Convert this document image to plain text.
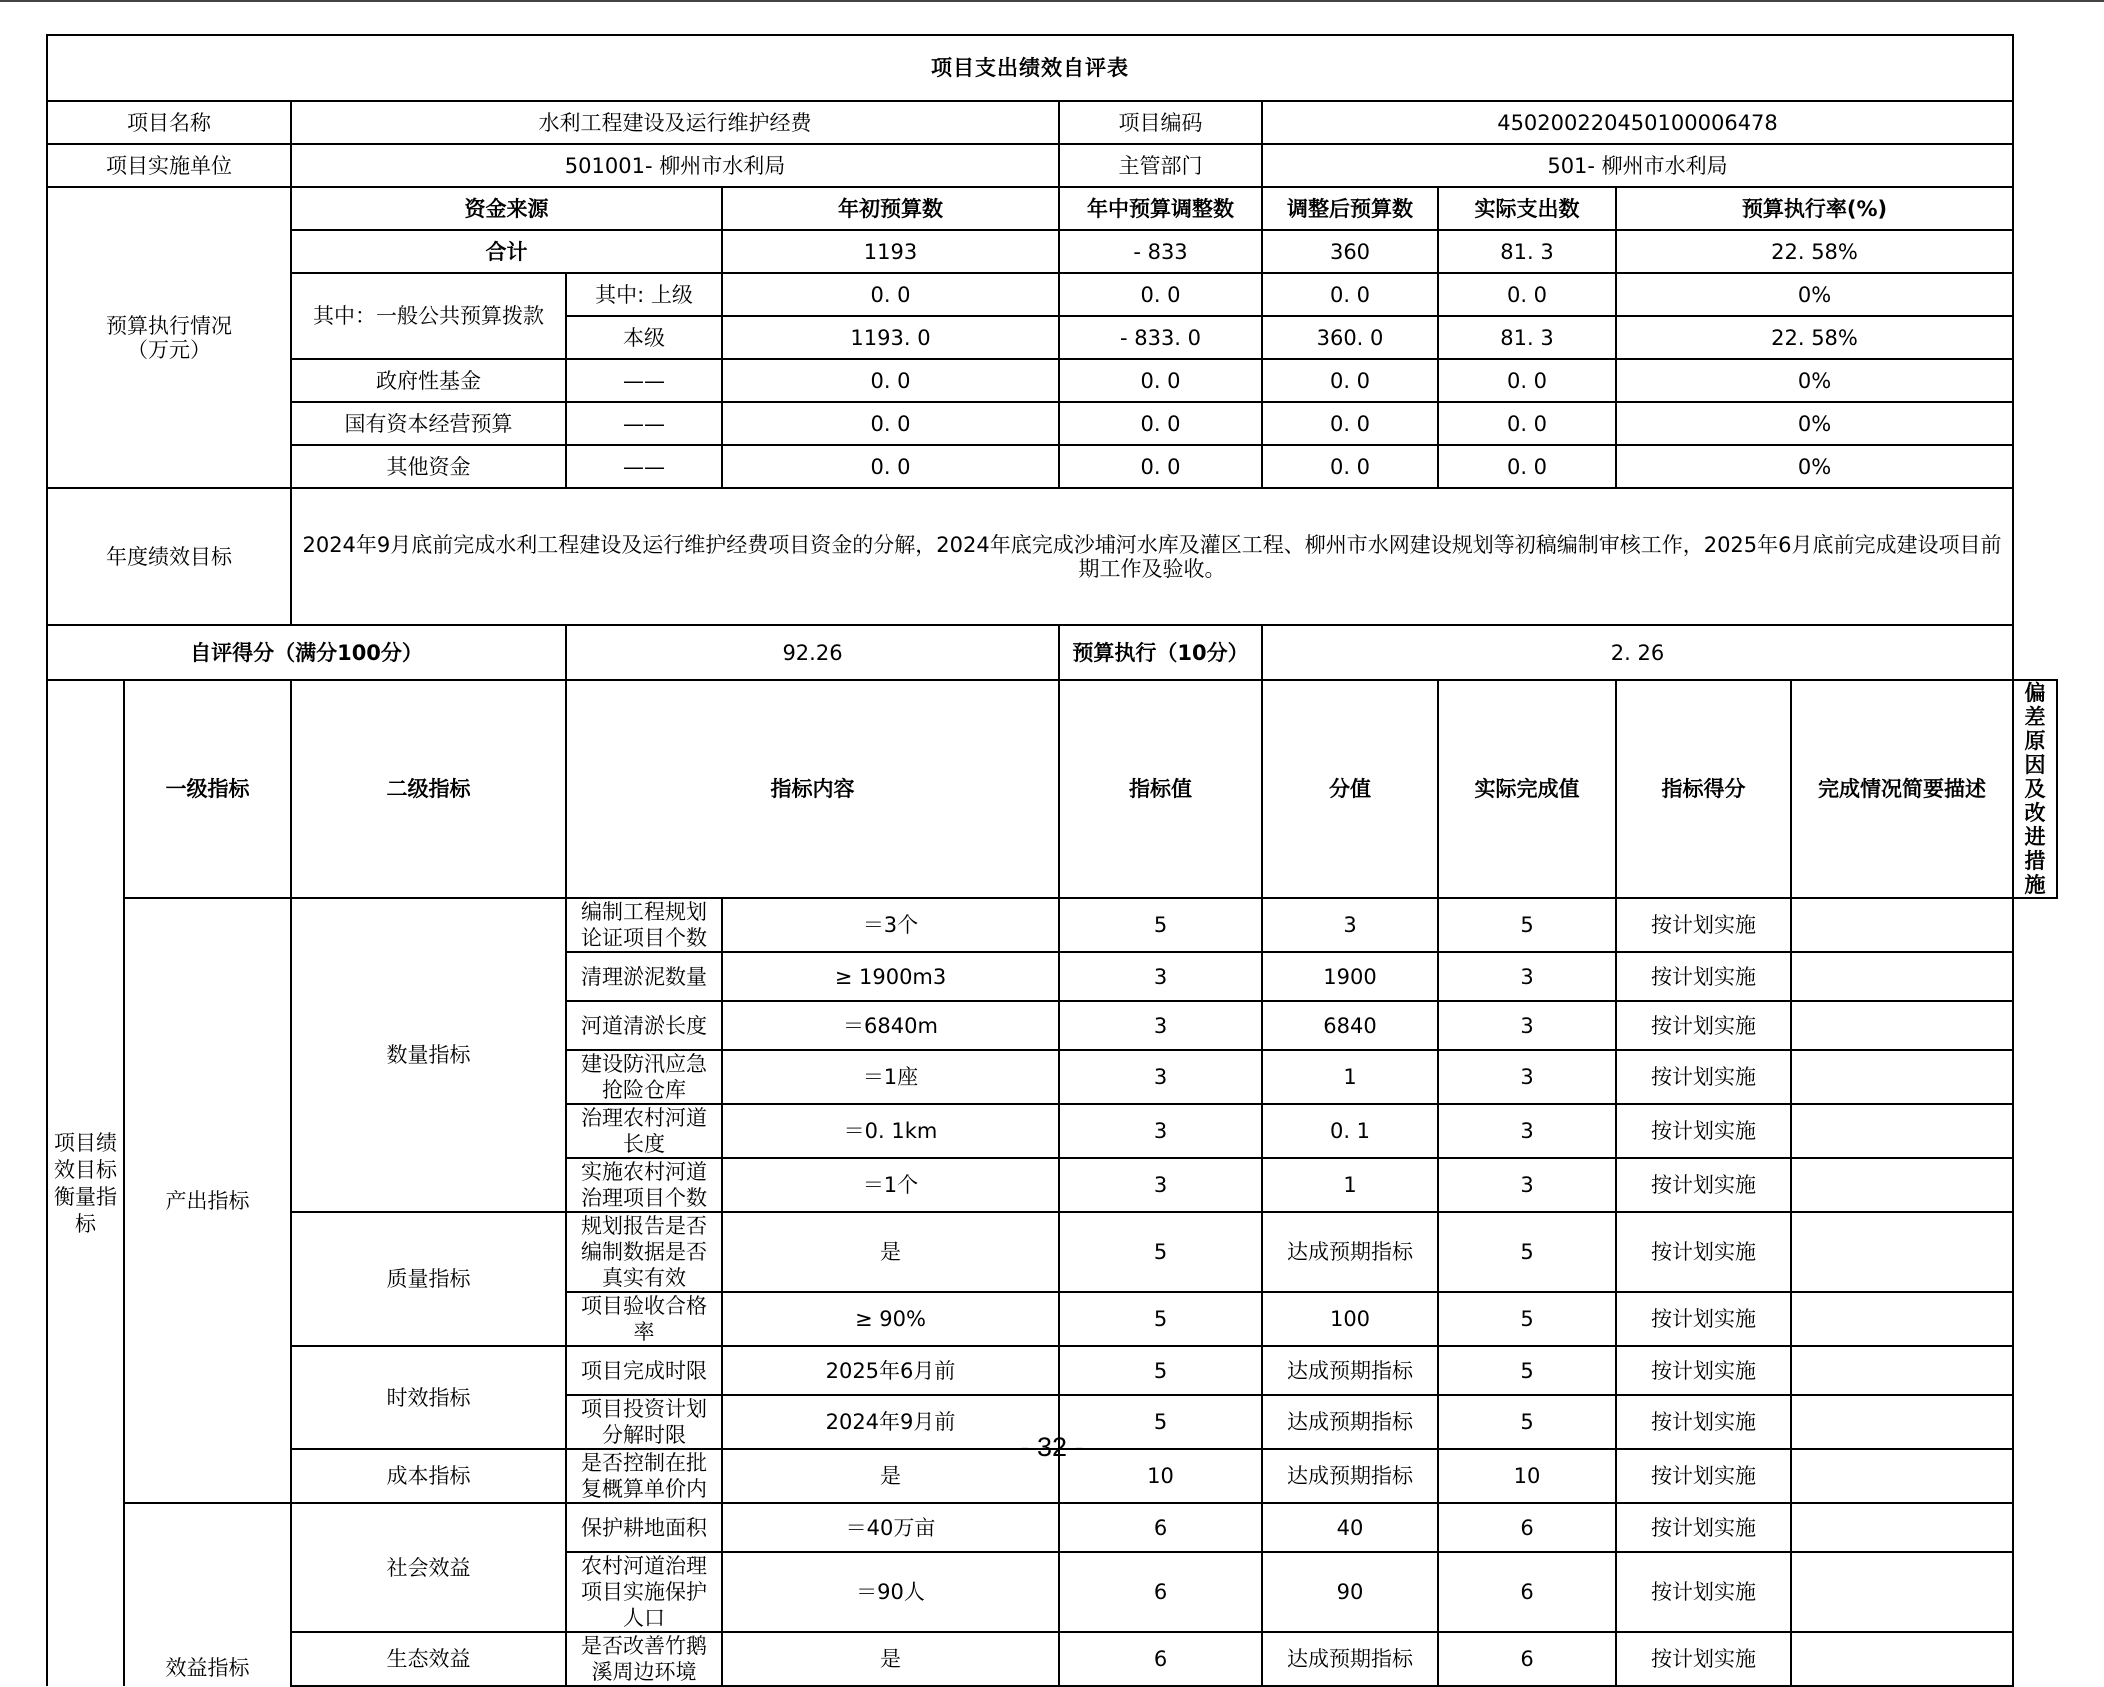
项目支出绩效自评表										
项目名称		水利工程建设及运行维护经费			项目编码	450200220450100006478				
项目实施单位		501001- 柳州市水利局			主管部门	501- 柳州市水利局				
预算执行情况
（万元）		资金来源		年初预算数	年中预算调整数	调整后预算数	实际支出数	预算执行率(%)		
		合计		1193	- 833	360	81. 3	22. 58%		
		其中：一般公共预算拨款	其中: 上级	0. 0	0. 0	0. 0	0. 0	0%		
			本级	1193. 0	- 833. 0	360. 0	81. 3	22. 58%		
		政府性基金	——	0. 0	0. 0	0. 0	0. 0	0%		
		国有资本经营预算	——	0. 0	0. 0	0. 0	0. 0	0%		
		其他资金	——	0. 0	0. 0	0. 0	0. 0	0%		
年度绩效目标		2024年9月底前完成水利工程建设及运行维护经费项目资金的分解，2024年底完成沙埔河水库及灌区工程、柳州市水网建设规划等初稿编制审核工作，2025年6月底前完成建设项目前期工作及验收。								
自评得分（满分100分）			92.26		预算执行（10分）	2. 26				
项目绩效目标衡量指标	一级指标	二级指标	指标内容		指标值	分值	实际完成值	指标得分	完成情况简要描述	偏差原因及改进措施
	产出指标	数量指标	编制工程规划论证项目个数	＝3个	5	3	5	按计划实施		
			清理淤泥数量	≥ 1900m3	3	1900	3	按计划实施		
			河道清淤长度	＝6840m	3	6840	3	按计划实施		
			建设防汛应急抢险仓库	＝1座	3	1	3	按计划实施		
			治理农村河道长度	＝0. 1km	3	0. 1	3	按计划实施		
			实施农村河道治理项目个数	＝1个	3	1	3	按计划实施		
		质量指标	规划报告是否编制数据是否真实有效	是	5	达成预期指标	5	按计划实施		
			项目验收合格率	≥ 90%	5	100	5	按计划实施		
		时效指标	项目完成时限	2025年6月前	5	达成预期指标	5	按计划实施		
			项目投资计划分解时限	2024年9月前	5	达成预期指标	5	按计划实施		
		成本指标	是否控制在批复概算单价内	是	10	达成预期指标	10	按计划实施		
	效益指标	社会效益	保护耕地面积	＝40万亩	6	40	6	按计划实施		
			农村河道治理项目实施保护人口	＝90人	6	90	6	按计划实施		
		生态效益	是否改善竹鹅溪周边环境	是	6	达成预期指标	6	按计划实施		
- 32 -
